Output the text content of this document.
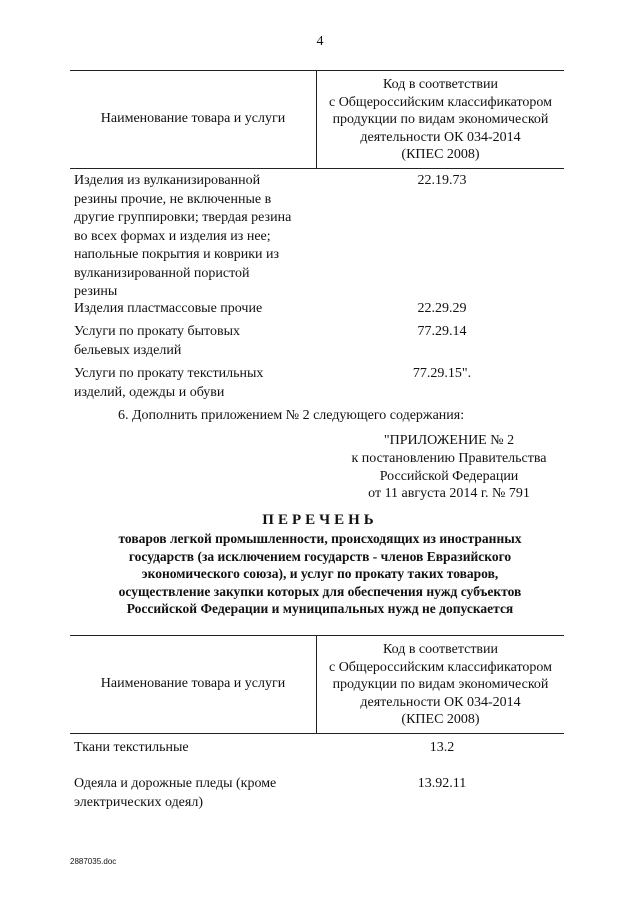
4
Наименование товара и услуги
Код в соответствии
с Общероссийским классификатором
продукции по видам экономической
деятельности ОК 034-2014
(КПЕС 2008)
Изделия из вулканизированной
резины прочие, не включенные в
другие группировки; твердая резина
во всех формах и изделия из нее;
напольные покрытия и коврики из
вулканизированной пористой
резины
22.19.73
Изделия пластмассовые прочие	22.29.29
Услуги по прокату бытовых
бельевых изделий
77.29.14
Услуги по прокату текстильных
изделий, одежды и обуви
77.29.15".
6. Дополнить приложением № 2 следующего содержания:
"ПРИЛОЖЕНИЕ № 2
к постановлению Правительства
Российской Федерации
от 11 августа 2014 г. № 791
ПЕРЕЧЕНЬ
товаров легкой промышленности, происходящих из иностранных
государств (за исключением государств - членов Евразийского
экономического союза), и услуг по прокату таких товаров,
осуществление закупки которых для обеспечения нужд субъектов
Российской Федерации и муниципальных нужд не допускается
Наименование товара и услуги
Код в соответствии
с Общероссийским классификатором
продукции по видам экономической
деятельности ОК 034-2014
(КПЕС 2008)
Ткани текстильные	13.2
Одеяла и дорожные пледы (кроме
электрических одеял)
13.92.11
2887035.doc
